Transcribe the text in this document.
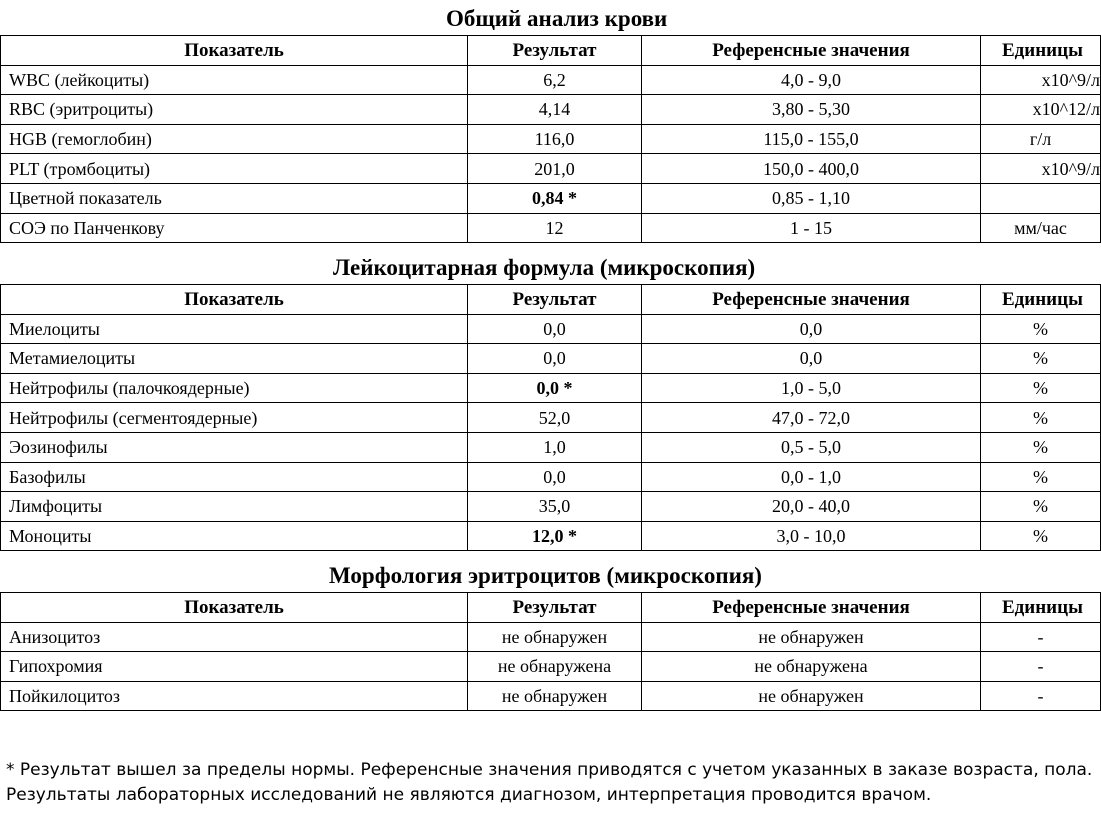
Общий анализ крови
Показатель	Результат	Референсные значения	Единицы
WBC (лейкоциты)	6,2	4,0 - 9,0	x10^9/л
RBC (эритроциты)	4,14	3,80 - 5,30	x10^12/л
HGB (гемоглобин)	116,0	115,0 - 155,0	г/л
PLT (тромбоциты)	201,0	150,0 - 400,0	x10^9/л
Цветной показатель	0,84 *	0,85 - 1,10	
СОЭ по Панченкову	12	1 - 15	мм/час
Лейкоцитарная формула (микроскопия)
Показатель	Результат	Референсные значения	Единицы
Миелоциты	0,0	0,0	%
Метамиелоциты	0,0	0,0	%
Нейтрофилы (палочкоядерные)	0,0 *	1,0 - 5,0	%
Нейтрофилы (сегментоядерные)	52,0	47,0 - 72,0	%
Эозинофилы	1,0	0,5 - 5,0	%
Базофилы	0,0	0,0 - 1,0	%
Лимфоциты	35,0	20,0 - 40,0	%
Моноциты	12,0 *	3,0 - 10,0	%
Морфология эритроцитов (микроскопия)
Показатель	Результат	Референсные значения	Единицы
Анизоцитоз	не обнаружен	не обнаружен	-
Гипохромия	не обнаружена	не обнаружена	-
Пойкилоцитоз	не обнаружен	не обнаружен	-
* Результат вышел за пределы нормы. Референсные значения приводятся с учетом указанных в заказе возраста, пола.
Результаты лабораторных исследований не являются диагнозом, интерпретация проводится врачом.
